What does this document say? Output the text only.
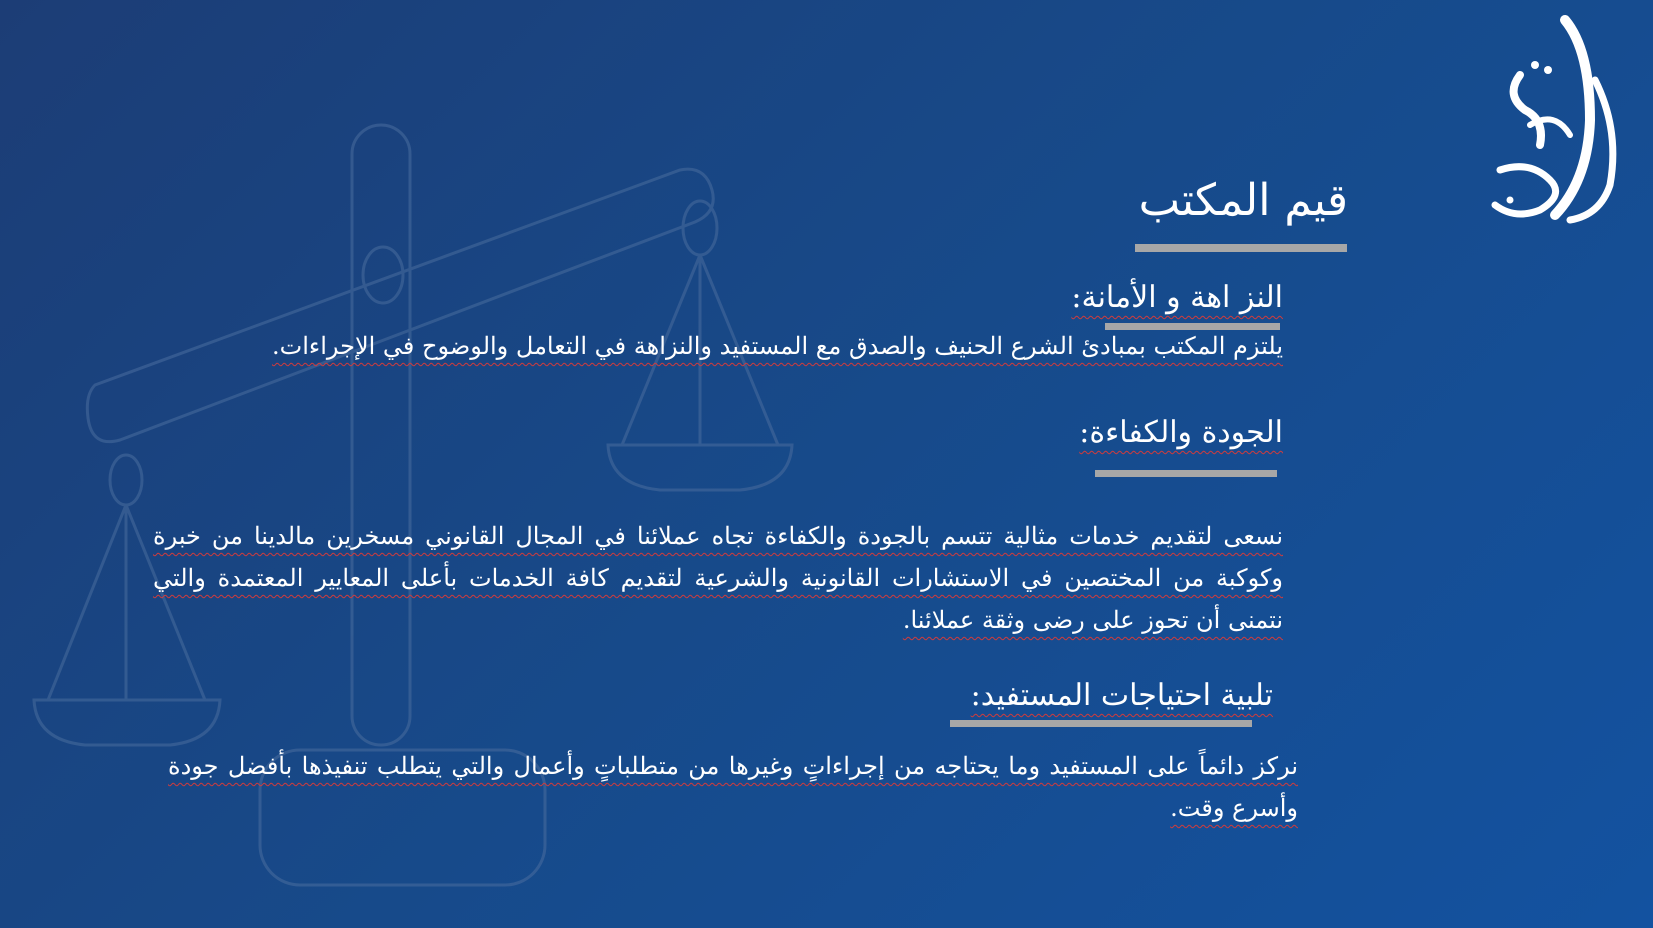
قيم المكتب
النز اهة و الأمانة:
يلتزم المكتب بمبادئ الشرع الحنيف والصدق مع المستفيد والنزاهة في التعامل والوضوح في الإجراءات.
الجودة والكفاءة:
نسعى لتقديم خدمات مثالية تتسم بالجودة والكفاءة تجاه عملائنا في المجال القانوني مسخرين مالدينا من خبرة وكوكبة من المختصين في الاستشارات القانونية والشرعية لتقديم كافة الخدمات بأعلى المعايير المعتمدة والتي نتمنى أن تحوز على رضى وثقة عملائنا.
تلبية احتياجات المستفيد:
نركز دائماً على المستفيد وما يحتاجه من إجراءاتٍ وغيرها من متطلباتٍ وأعمال والتي يتطلب تنفيذها بأفضل جودة وأسرع وقت.
